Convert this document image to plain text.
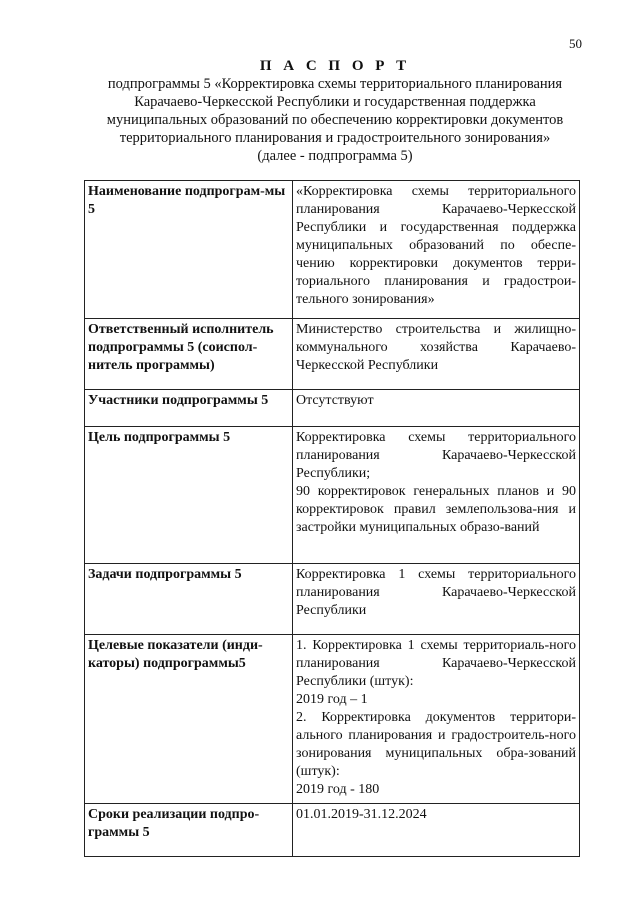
50
П А С П О Р Т
подпрограммы 5 «Корректировка схемы территориального планирования
Карачаево-Черкесской Республики и государственная поддержка
муниципальных образований по обеспечению корректировки документов
территориального планирования и градостроительного зонирования»
(далее - подпрограмма 5)
Наименование подпрограм-мы 5	«Корректировка схемы территориального планирования Карачаево-Черкесской Республики и государственная поддержка муниципальных образований по обеспе-чению корректировки документов терри-ториального планирования и градострои-тельного зонирования»

Ответственный исполнитель подпрограммы 5 (соиспол-нитель программы)	Министерство строительства и жилищно-коммунального хозяйства Карачаево-Черкесской Республики

Участники подпрограммы 5	Отсутствуют

Цель подпрограммы 5	Корректировка схемы территориального планирования Карачаево-Черкесской Республики;
90 корректировок генеральных планов и 90 корректировок правил землепользова-ния и застройки муниципальных образо-ваний

Задачи подпрограммы 5	Корректировка 1 схемы территориального планирования Карачаево-Черкесской Республики

Целевые показатели (инди-каторы) подпрограммы5	1. Корректировка 1 схемы территориаль-ного планирования Карачаево-Черкесской Республики (штук):
2019 год – 1
2. Корректировка документов территори-ального планирования и градостроитель-ного зонирования муниципальных обра-зований (штук):
2019 год - 180

Сроки реализации подпро-граммы 5	01.01.2019-31.12.2024
